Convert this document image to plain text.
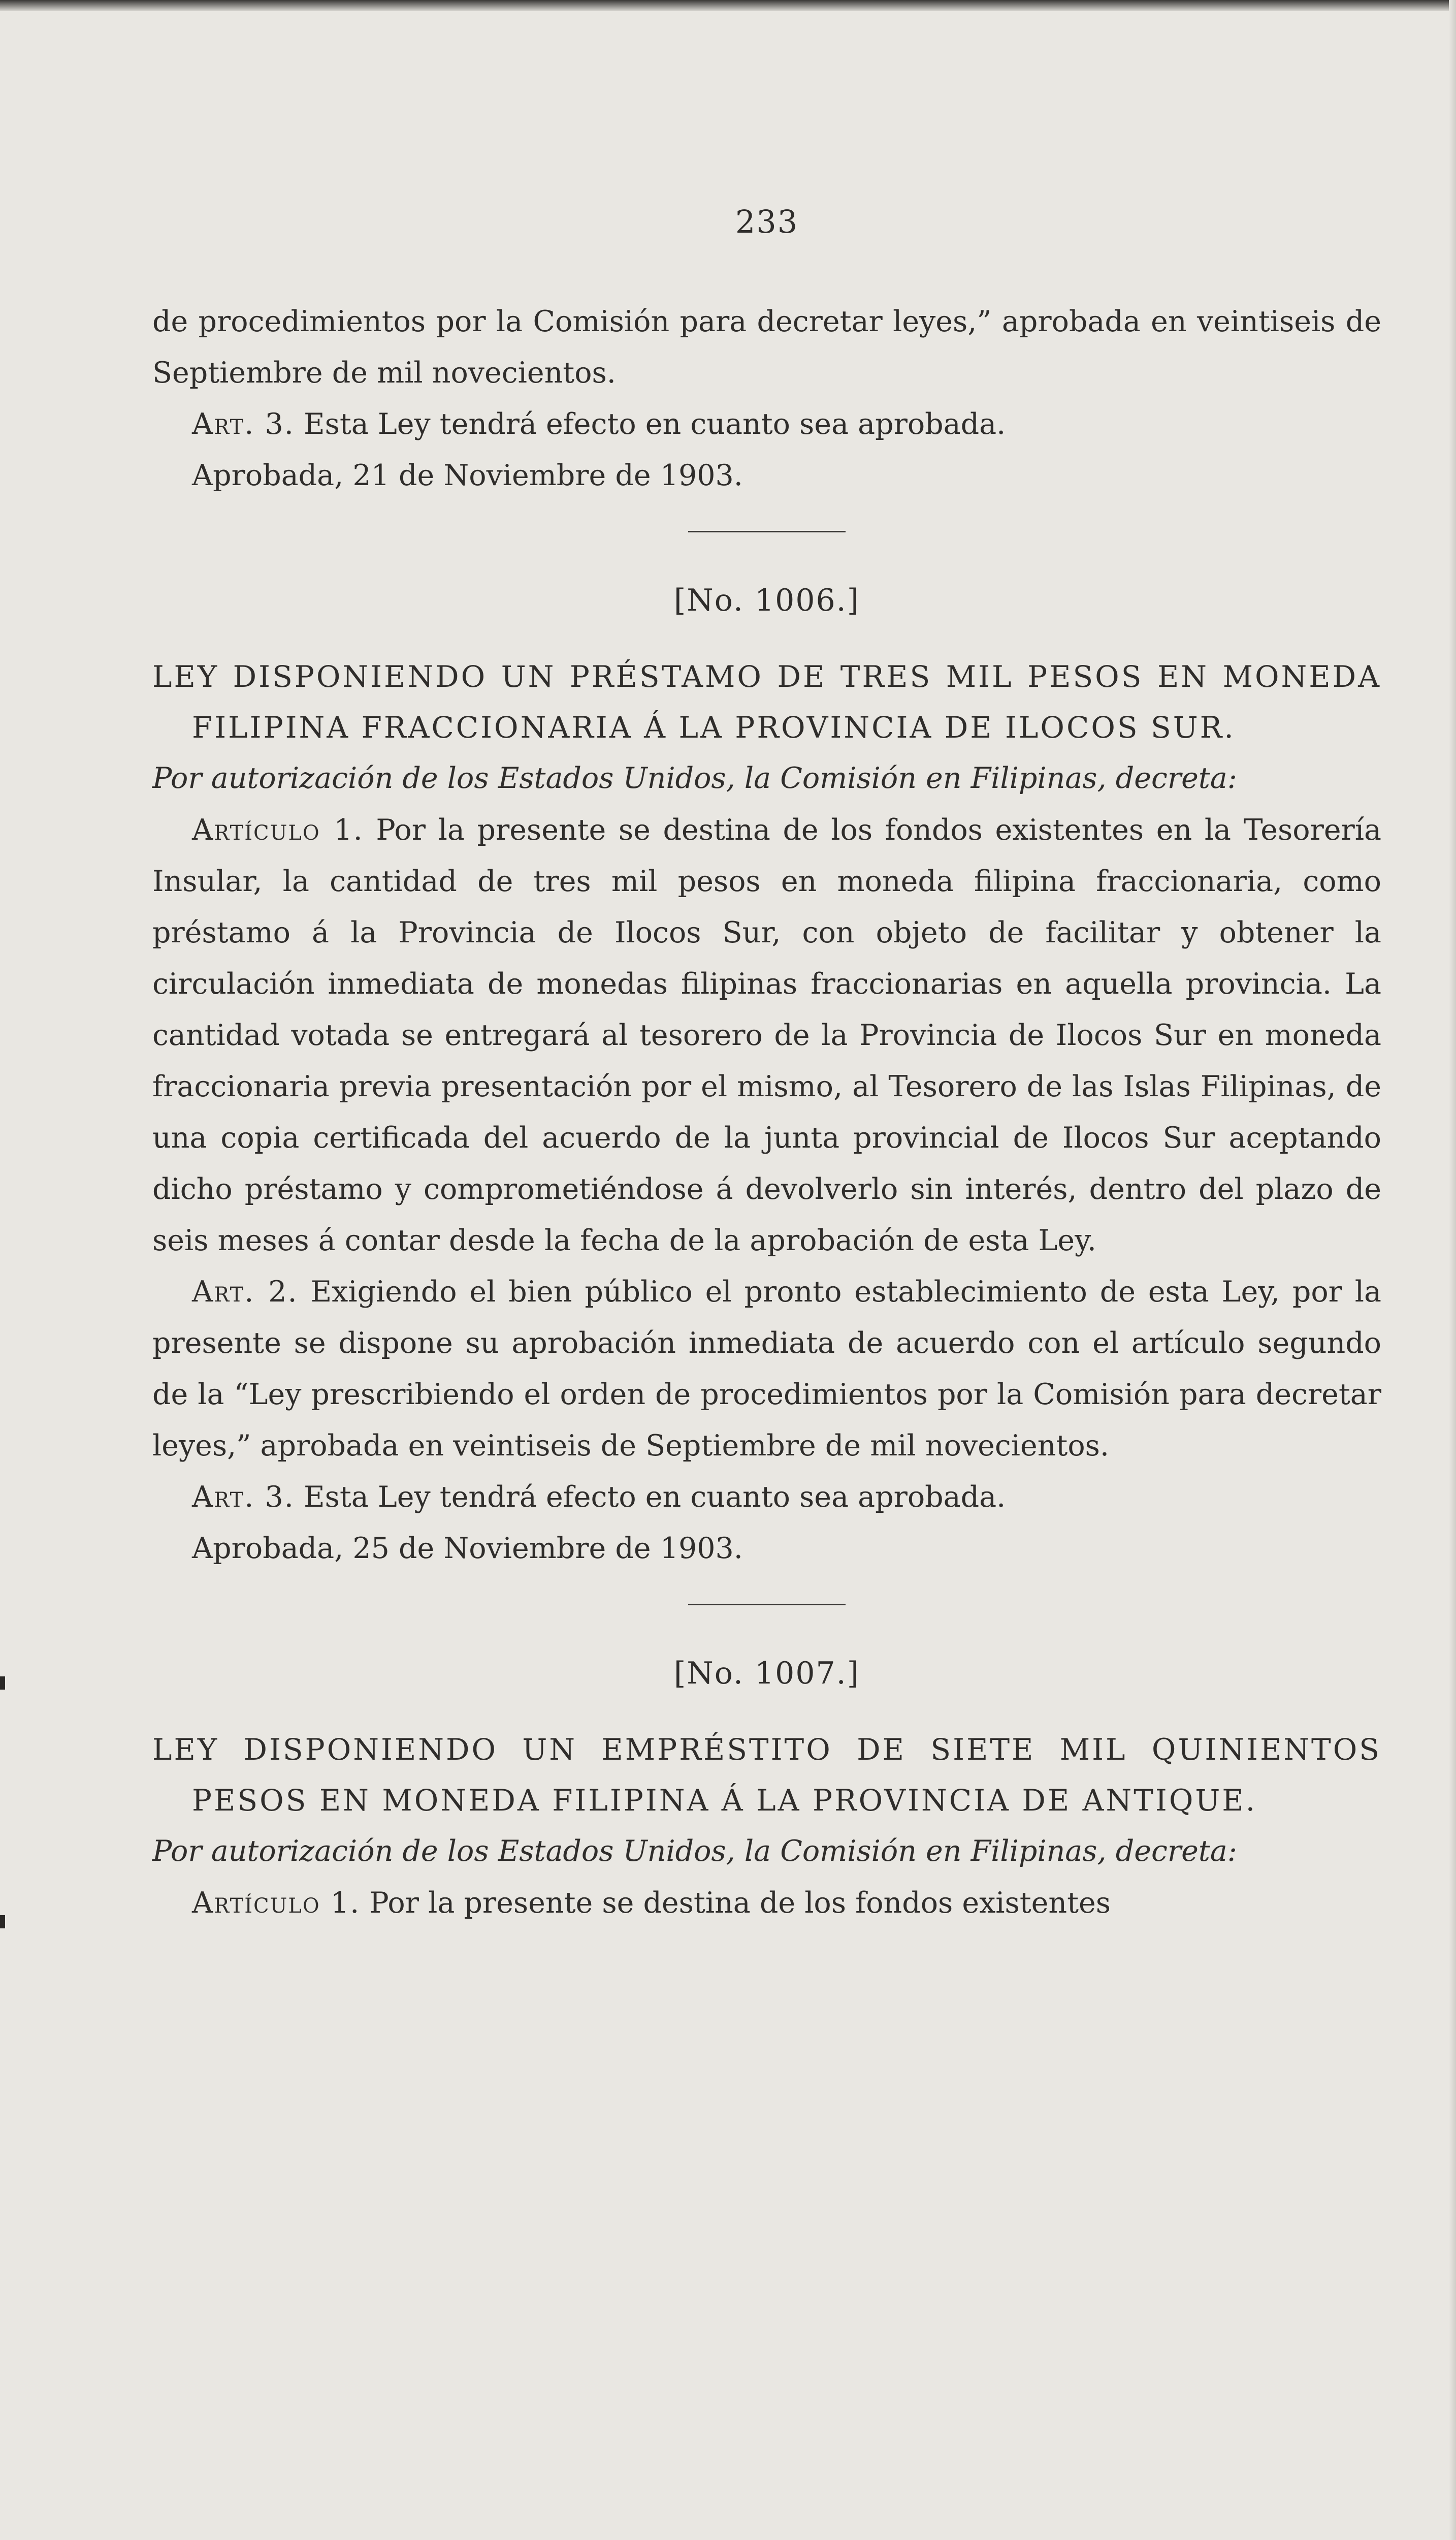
233

de procedimientos por la Comisión para decretar leyes,” aprobada en veintiseis de Septiembre de mil novecientos.

Art. 3. Esta Ley tendrá efecto en cuanto sea aprobada.

Aprobada, 21 de Noviembre de 1903.

[No. 1006.]

LEY DISPONIENDO UN PRÉSTAMO DE TRES MIL PESOS EN MONEDA FILIPINA FRACCIONARIA Á LA PROVINCIA DE ILOCOS SUR.

Por autorización de los Estados Unidos, la Comisión en Filipinas, decreta:

Artículo 1. Por la presente se destina de los fondos existentes en la Tesorería Insular, la cantidad de tres mil pesos en moneda filipina fraccionaria, como préstamo á la Provincia de Ilocos Sur, con objeto de facilitar y obtener la circulación inmediata de monedas filipinas fraccionarias en aquella provincia. La cantidad votada se entregará al tesorero de la Provincia de Ilocos Sur en moneda fraccionaria previa presentación por el mismo, al Tesorero de las Islas Filipinas, de una copia certificada del acuerdo de la junta provincial de Ilocos Sur aceptando dicho préstamo y comprometiéndose á devolverlo sin interés, dentro del plazo de seis meses á contar desde la fecha de la aprobación de esta Ley.

Art. 2. Exigiendo el bien público el pronto establecimiento de esta Ley, por la presente se dispone su aprobación inmediata de acuerdo con el artículo segundo de la “Ley prescribiendo el orden de procedimientos por la Comisión para decretar leyes,” aprobada en veintiseis de Septiembre de mil novecientos.

Art. 3. Esta Ley tendrá efecto en cuanto sea aprobada.

Aprobada, 25 de Noviembre de 1903.

[No. 1007.]

LEY DISPONIENDO UN EMPRÉSTITO DE SIETE MIL QUINIENTOS PESOS EN MONEDA FILIPINA Á LA PROVINCIA DE ANTIQUE.

Por autorización de los Estados Unidos, la Comisión en Filipinas, decreta:

Artículo 1. Por la presente se destina de los fondos existentes
